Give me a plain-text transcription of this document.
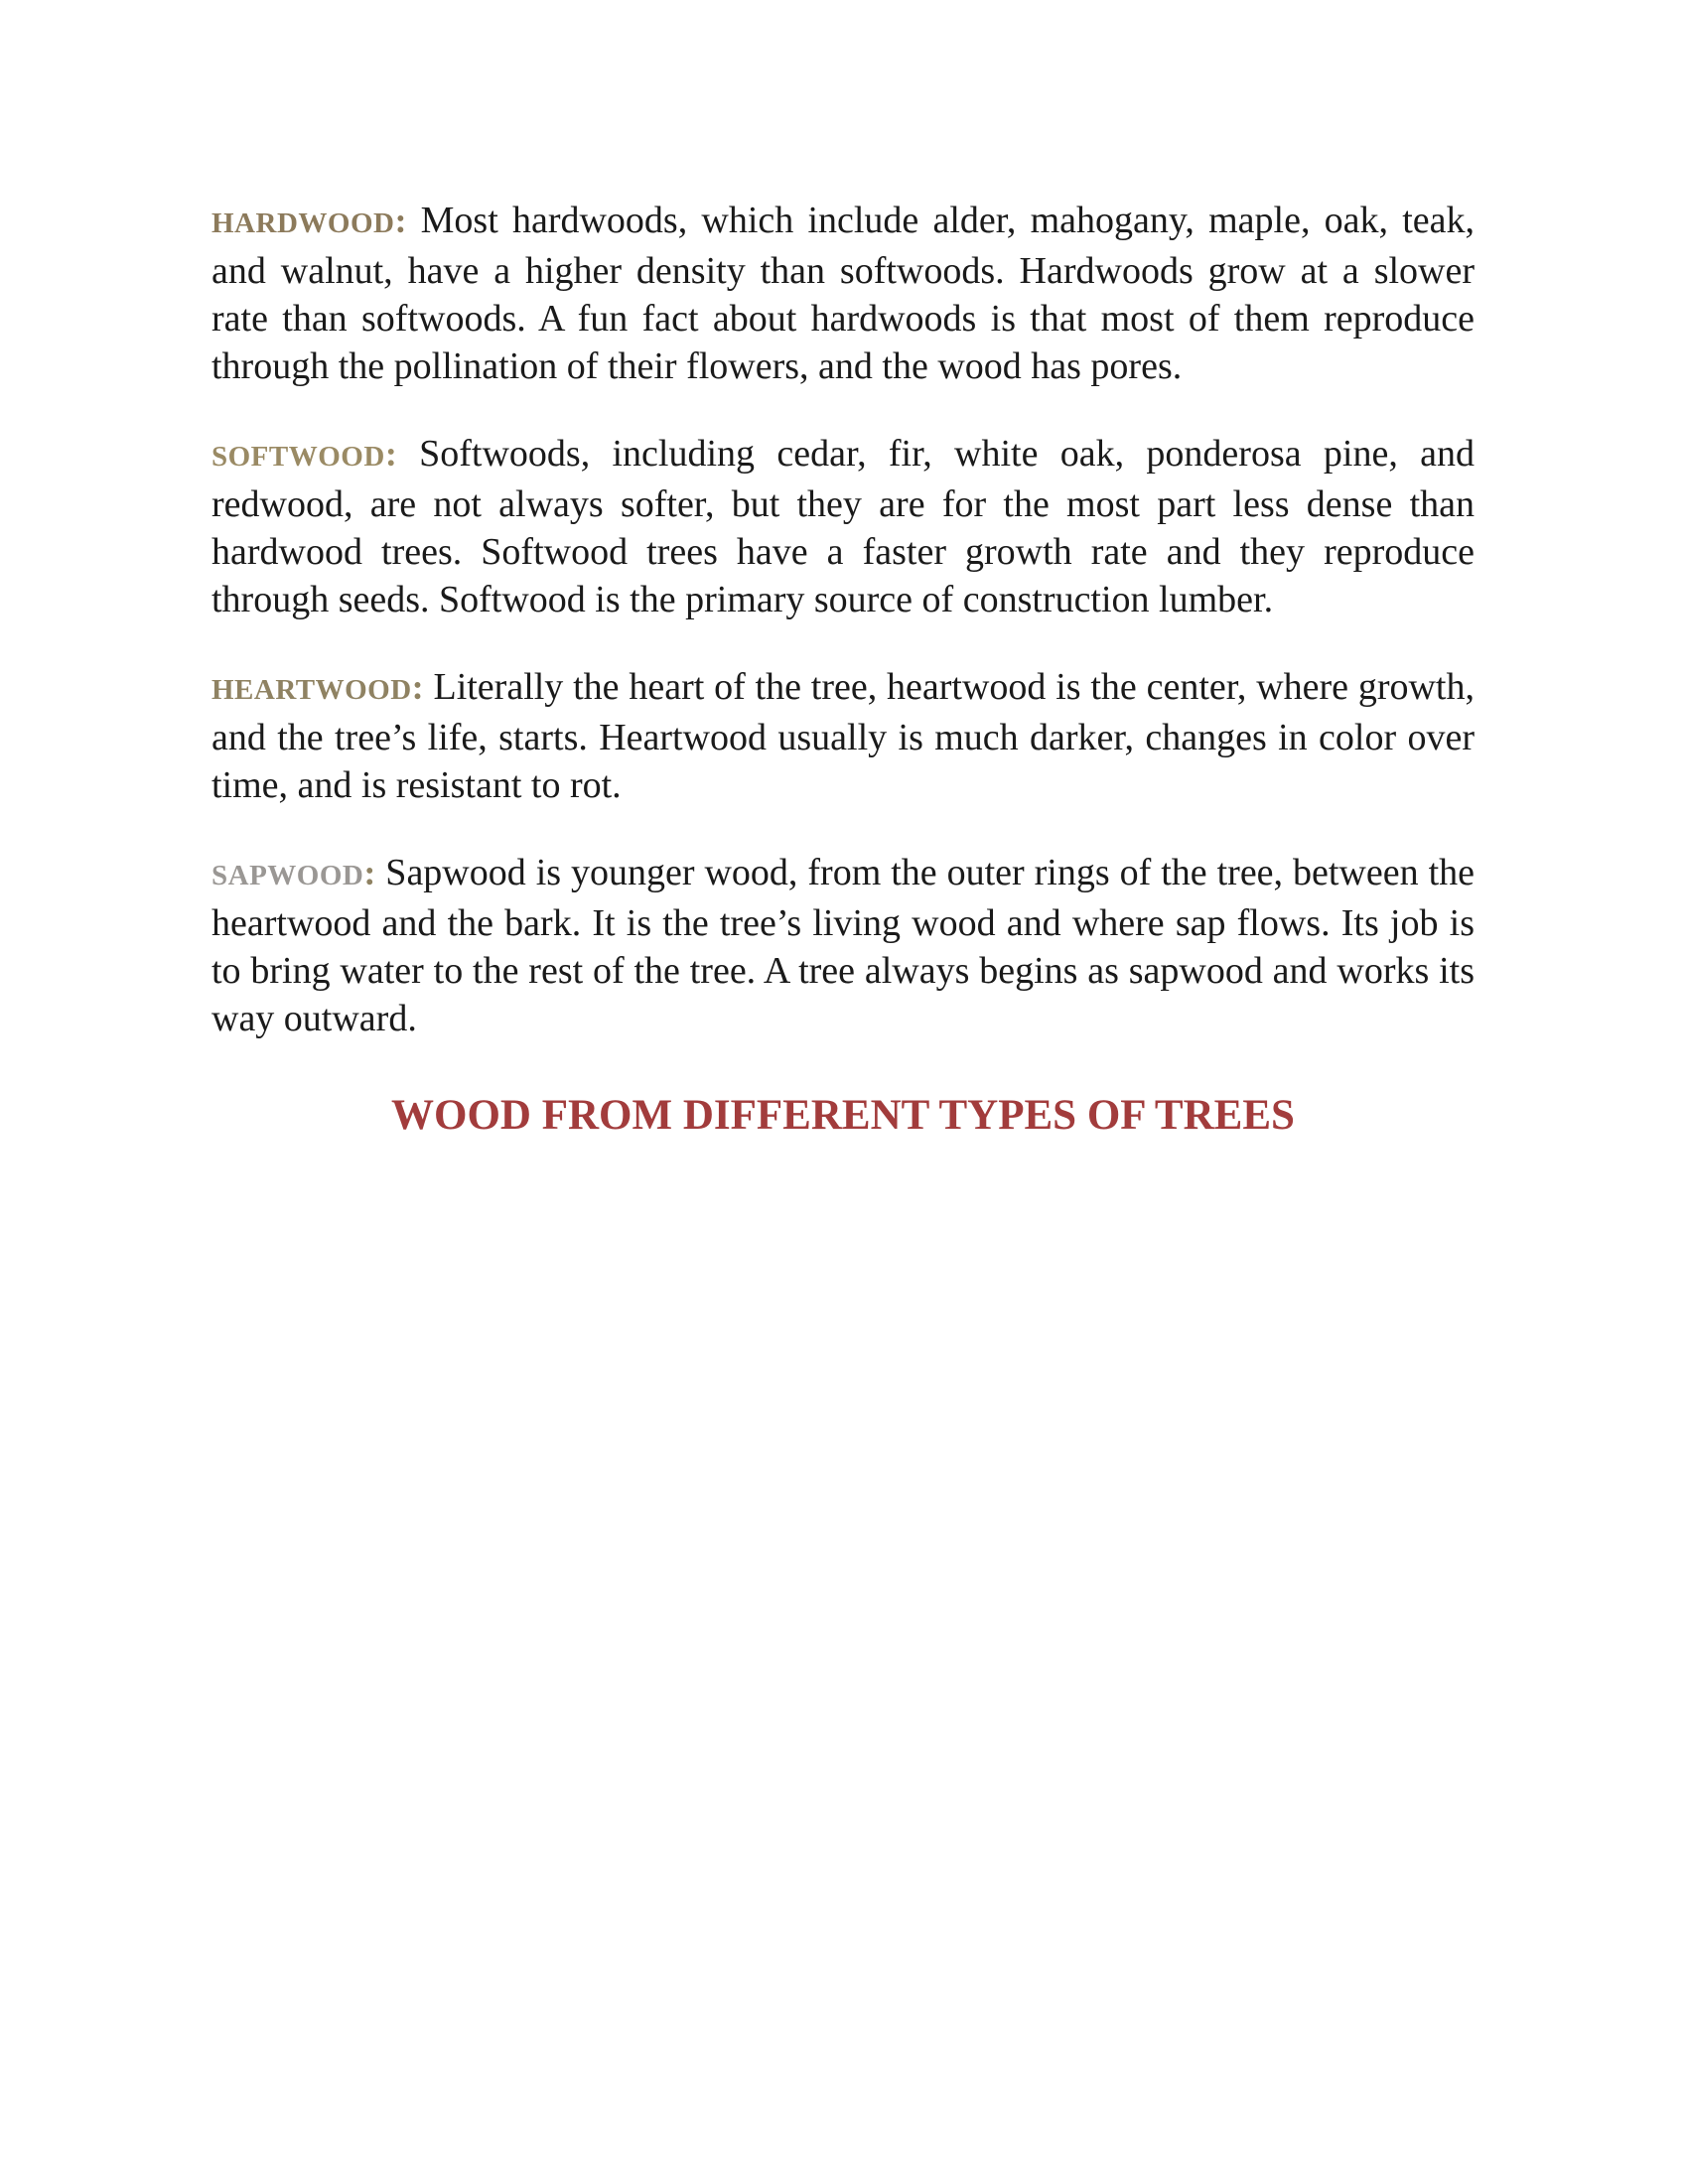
HARDWOOD: Most hardwoods, which include alder, mahogany, maple, oak, teak, and walnut, have a higher density than softwoods. Hardwoods grow at a slower rate than softwoods. A fun fact about hardwoods is that most of them reproduce through the pollination of their flowers, and the wood has pores.

SOFTWOOD: Softwoods, including cedar, fir, white oak, ponderosa pine, and redwood, are not always softer, but they are for the most part less dense than hardwood trees. Softwood trees have a faster growth rate and they reproduce through seeds. Softwood is the primary source of construction lumber.

HEARTWOOD: Literally the heart of the tree, heartwood is the center, where growth, and the tree’s life, starts. Heartwood usually is much darker, changes in color over time, and is resistant to rot.

SAPWOOD: Sapwood is younger wood, from the outer rings of the tree, between the heartwood and the bark. It is the tree’s living wood and where sap flows. Its job is to bring water to the rest of the tree. A tree always begins as sapwood and works its way outward.

WOOD FROM DIFFERENT TYPES OF TREES
